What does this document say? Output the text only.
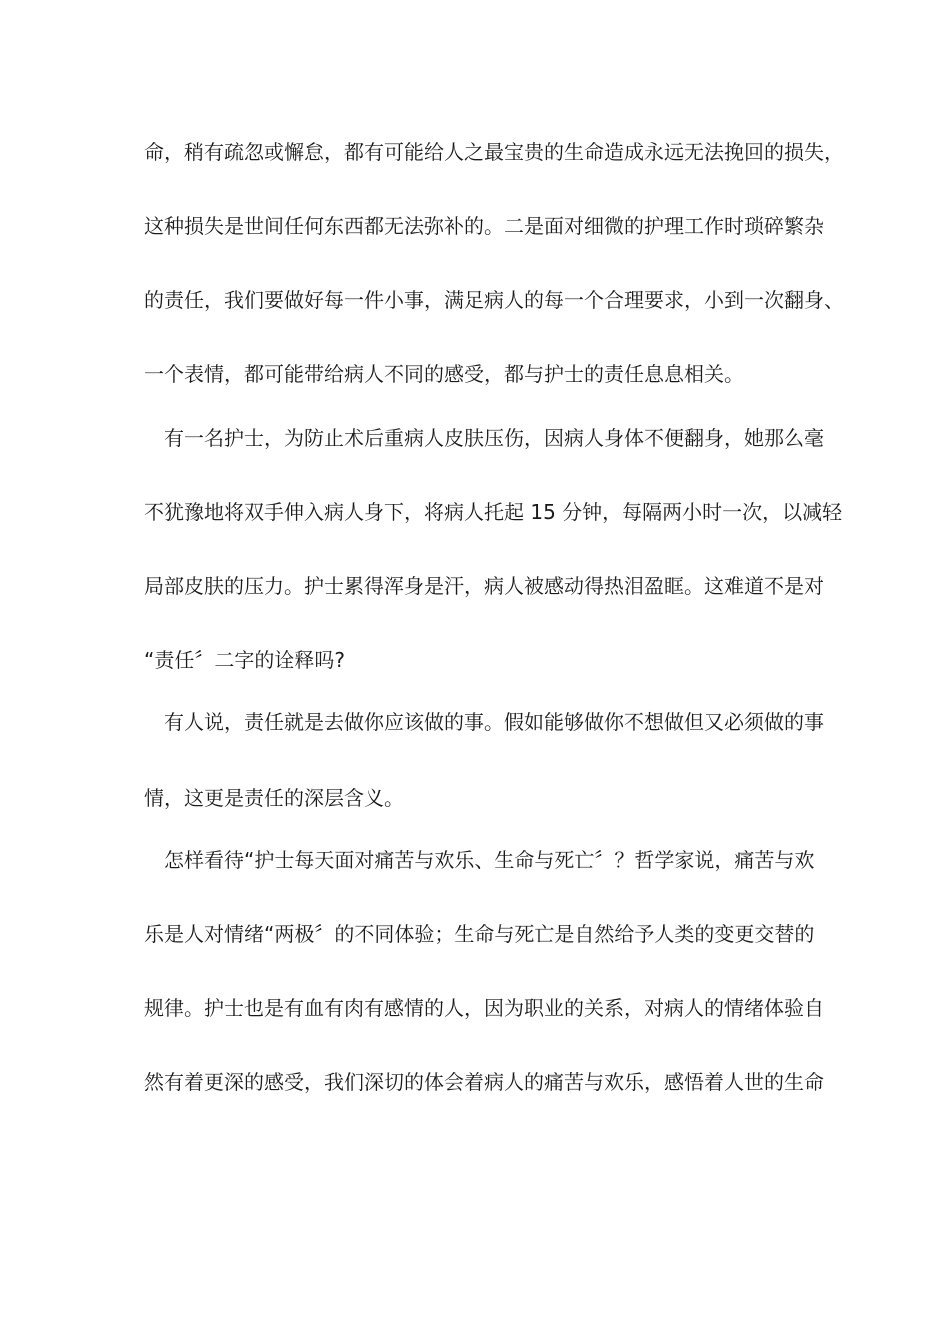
命，稍有疏忽或懈怠，都有可能给人之最宝贵的生命造成永远无法挽回的损失，
这种损失是世间任何东西都无法弥补的。二是面对细微的护理工作时琐碎繁杂
的责任，我们要做好每一件小事，满足病人的每一个合理要求，小到一次翻身、
一个表情，都可能带给病人不同的感受，都与护士的责任息息相关。
　有一名护士，为防止术后重病人皮肤压伤，因病人身体不便翻身，她那么毫
不犹豫地将双手伸入病人身下，将病人托起 15 分钟，每隔两小时一次，以减轻
局部皮肤的压力。护士累得浑身是汗，病人被感动得热泪盈眶。这难道不是对
“责任〞二字的诠释吗?
　有人说，责任就是去做你应该做的事。假如能够做你不想做但又必须做的事
情，这更是责任的深层含义。
　怎样看待“护士每天面对痛苦与欢乐、生命与死亡〞？哲学家说，痛苦与欢
乐是人对情绪“两极〞的不同体验；生命与死亡是自然给予人类的变更交替的
规律。护士也是有血有肉有感情的人，因为职业的关系，对病人的情绪体验自
然有着更深的感受，我们深切的体会着病人的痛苦与欢乐，感悟着人世的生命
